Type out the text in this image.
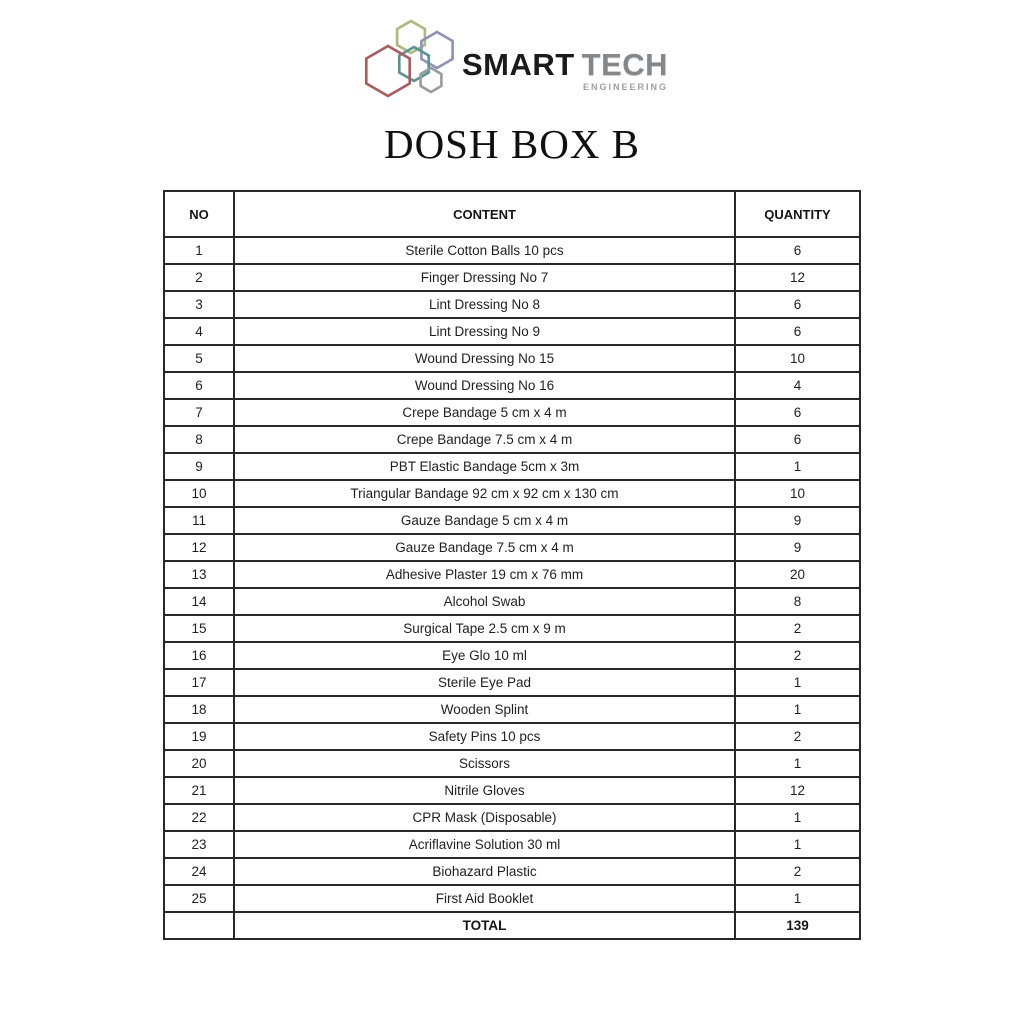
SMART TECH
ENGINEERING
DOSH BOX B
NO	CONTENT	QUANTITY
1	Sterile Cotton Balls 10 pcs	6
2	Finger Dressing No 7	12
3	Lint Dressing No 8	6
4	Lint Dressing No 9	6
5	Wound Dressing No 15	10
6	Wound Dressing No 16	4
7	Crepe Bandage 5 cm x 4 m	6
8	Crepe Bandage 7.5 cm x 4 m	6
9	PBT Elastic Bandage 5cm x 3m	1
10	Triangular Bandage 92 cm x 92 cm x 130 cm	10
11	Gauze Bandage 5 cm x 4 m	9
12	Gauze Bandage 7.5 cm x 4 m	9
13	Adhesive Plaster 19 cm x 76 mm	20
14	Alcohol Swab	8
15	Surgical Tape 2.5 cm x 9 m	2
16	Eye Glo 10 ml	2
17	Sterile Eye Pad	1
18	Wooden Splint	1
19	Safety Pins 10 pcs	2
20	Scissors	1
21	Nitrile Gloves	12
22	CPR Mask (Disposable)	1
23	Acriflavine Solution 30 ml	1
24	Biohazard Plastic	2
25	First Aid Booklet	1
	TOTAL	139
